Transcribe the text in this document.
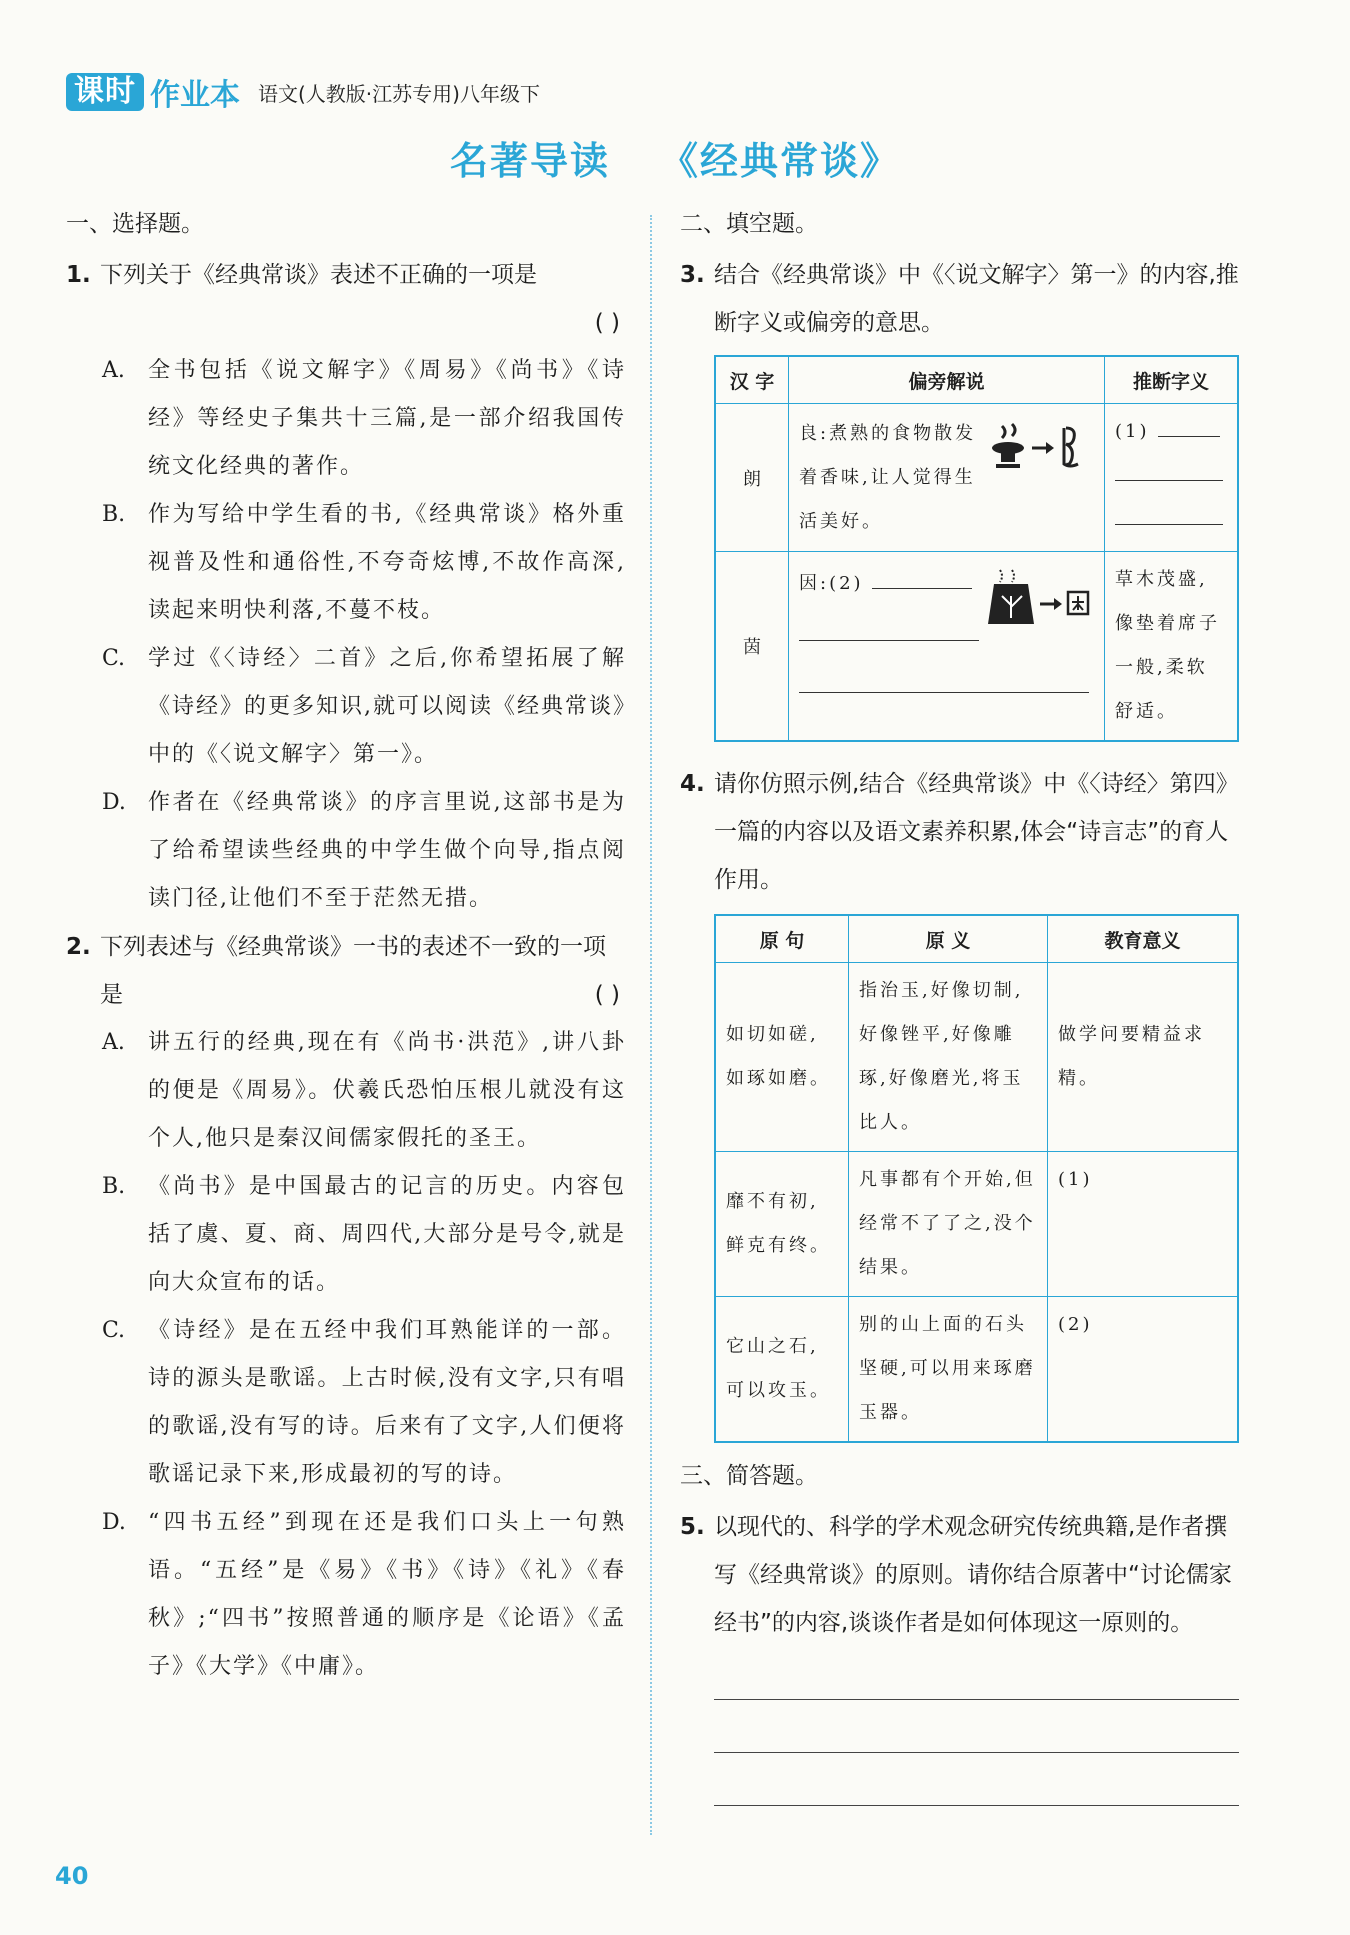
课时 作业本 语文(人教版·江苏专用)八年级下
名著导读 《经典常谈》
一、选择题。
1. 下列关于《经典常谈》表述不正确的一项是
( )
A. 全书包括《说文解字》《周易》《尚书》《诗经》等经史子集共十三篇,是一部介绍我国传统文化经典的著作。
B. 作为写给中学生看的书,《经典常谈》格外重视普及性和通俗性,不夸奇炫博,不故作高深,读起来明快利落,不蔓不枝。
C. 学过《〈诗经〉二首》之后,你希望拓展了解《诗经》的更多知识,就可以阅读《经典常谈》中的《〈说文解字〉第一》。
D. 作者在《经典常谈》的序言里说,这部书是为了给希望读些经典的中学生做个向导,指点阅读门径,让他们不至于茫然无措。
2. 下列表述与《经典常谈》一书的表述不一致的一项是	( )
A. 讲五行的经典,现在有《尚书·洪范》,讲八卦的便是《周易》。伏羲氏恐怕压根儿就没有这个人,他只是秦汉间儒家假托的圣王。
B. 《尚书》是中国最古的记言的历史。内容包括了虞、夏、商、周四代,大部分是号令,就是向大众宣布的话。
C. 《诗经》是在五经中我们耳熟能详的一部。诗的源头是歌谣。上古时候,没有文字,只有唱的歌谣,没有写的诗。后来有了文字,人们便将歌谣记录下来,形成最初的写的诗。
D. “四书五经”到现在还是我们口头上一句熟语。“五经”是《易》《书》《诗》《礼》《春秋》;“四书”按照普通的顺序是《论语》《孟子》《大学》《中庸》。
二、填空题。
3. 结合《经典常谈》中《〈说文解字〉第一》的内容,推断字义或偏旁的意思。
汉 字	偏旁解说	推断字义
朗	良:煮熟的食物散发着香味,让人觉得生活美好。	(1)

茵	因:(2)	草木茂盛,像垫着席子一般,柔软舒适。
4. 请你仿照示例,结合《经典常谈》中《〈诗经〉第四》一篇的内容以及语文素养积累,体会“诗言志”的育人作用。
原 句	原 义	教育意义
如切如磋,如琢如磨。	指治玉,好像切制,好像锉平,好像雕琢,好像磨光,将玉比人。	做学问要精益求精。
靡不有初,鲜克有终。	凡事都有个开始,但经常不了了之,没个结果。	(1)
它山之石,可以攻玉。	别的山上面的石头坚硬,可以用来琢磨玉器。	(2)
三、简答题。
5. 以现代的、科学的学术观念研究传统典籍,是作者撰写《经典常谈》的原则。请你结合原著中“讨论儒家经书”的内容,谈谈作者是如何体现这一原则的。
40
